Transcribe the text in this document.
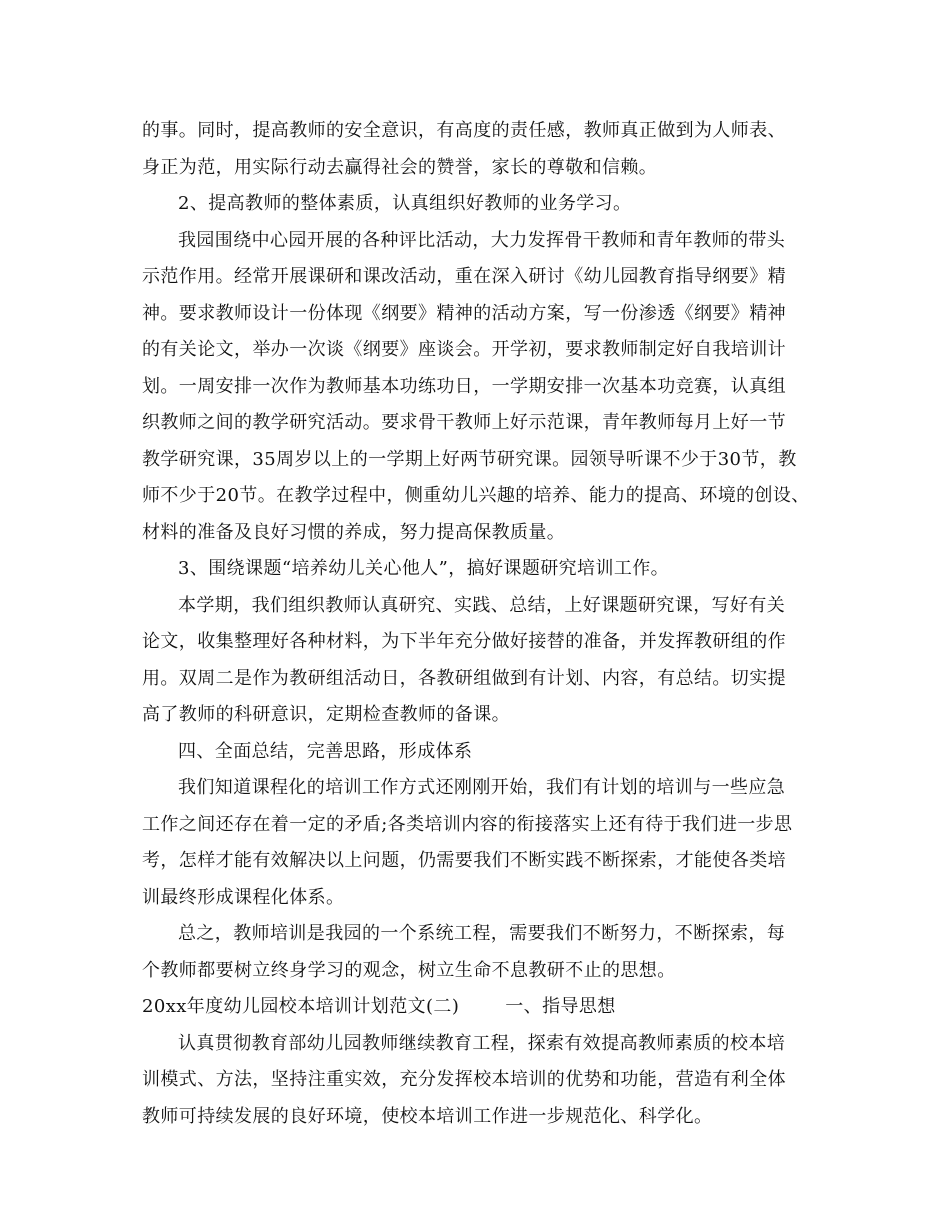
的事。同时，提高教师的安全意识，有高度的责任感，教师真正做到为人师表、
身正为范，用实际行动去赢得社会的赞誉，家长的尊敬和信赖。
2、提高教师的整体素质，认真组织好教师的业务学习。
我园围绕中心园开展的各种评比活动，大力发挥骨干教师和青年教师的带头
示范作用。经常开展课研和课改活动，重在深入研讨《幼儿园教育指导纲要》精
神。要求教师设计一份体现《纲要》精神的活动方案，写一份渗透《纲要》精神
的有关论文，举办一次谈《纲要》座谈会。开学初，要求教师制定好自我培训计
划。一周安排一次作为教师基本功练功日，一学期安排一次基本功竞赛，认真组
织教师之间的教学研究活动。要求骨干教师上好示范课，青年教师每月上好一节
教学研究课，35周岁以上的一学期上好两节研究课。园领导听课不少于30节，教
师不少于20节。在教学过程中，侧重幼儿兴趣的培养、能力的提高、环境的创设、
材料的准备及良好习惯的养成，努力提高保教质量。
3、围绕课题“培养幼儿关心他人”，搞好课题研究培训工作。
本学期，我们组织教师认真研究、实践、总结，上好课题研究课，写好有关
论文，收集整理好各种材料，为下半年充分做好接替的准备，并发挥教研组的作
用。双周二是作为教研组活动日，各教研组做到有计划、内容，有总结。切实提
高了教师的科研意识，定期检查教师的备课。
四、全面总结，完善思路，形成体系
我们知道课程化的培训工作方式还刚刚开始，我们有计划的培训与一些应急
工作之间还存在着一定的矛盾;各类培训内容的衔接落实上还有待于我们进一步思
考，怎样才能有效解决以上问题，仍需要我们不断实践不断探索，才能使各类培
训最终形成课程化体系。
总之，教师培训是我园的一个系统工程，需要我们不断努力，不断探索，每
个教师都要树立终身学习的观念，树立生命不息教研不止的思想。
20xx年度幼儿园校本培训计划范文(二)	一、指导思想
认真贯彻教育部幼儿园教师继续教育工程，探索有效提高教师素质的校本培
训模式、方法，坚持注重实效，充分发挥校本培训的优势和功能，营造有利全体
教师可持续发展的良好环境，使校本培训工作进一步规范化、科学化。
